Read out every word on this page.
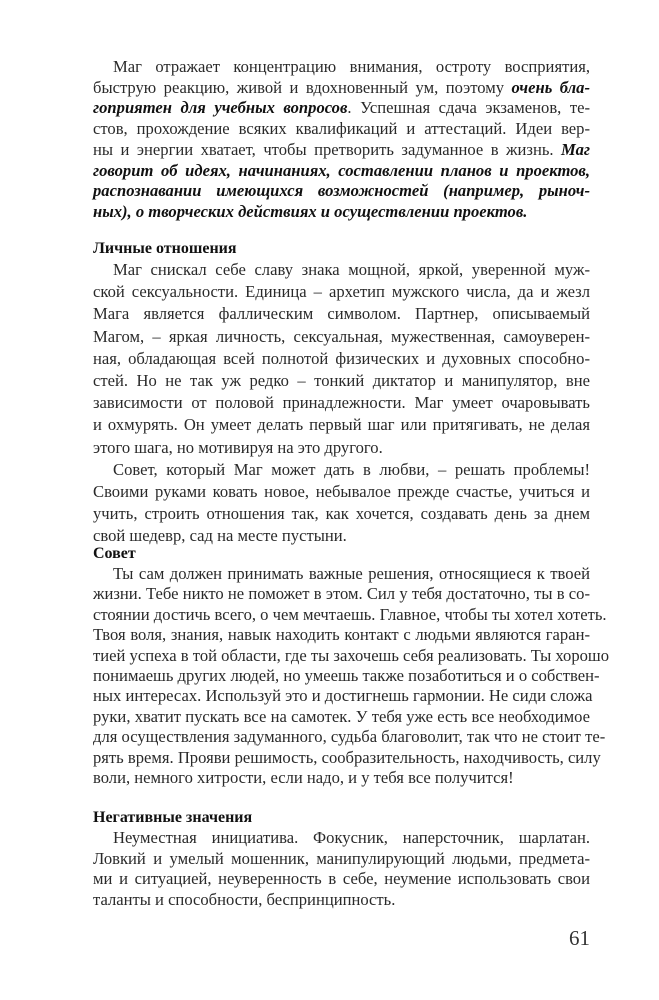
Маг отражает концентрацию внимания, остроту восприятия,
быструю реакцию, живой и вдохновенный ум, поэтому очень бла-
гоприятен для учебных вопросов. Успешная сдача экзаменов, те-
стов, прохождение всяких квалификаций и аттестаций. Идеи вер-
ны и энергии хватает, чтобы претворить задуманное в жизнь. Маг
говорит об идеях, начинаниях, составлении планов и проектов,
распознавании имеющихся возможностей (например, рыноч-
ных), о творческих действиях и осуществлении проектов.
Личные отношения
Маг снискал себе славу знака мощной, яркой, уверенной муж-
ской сексуальности. Единица – архетип мужского числа, да и жезл
Мага является фаллическим символом. Партнер, описываемый
Магом, – яркая личность, сексуальная, мужественная, самоуверен-
ная, обладающая всей полнотой физических и духовных способно-
стей. Но не так уж редко – тонкий диктатор и манипулятор, вне
зависимости от половой принадлежности. Маг умеет очаровывать
и охмурять. Он умеет делать первый шаг или притягивать, не делая
этого шага, но мотивируя на это другого.
Совет, который Маг может дать в любви, – решать проблемы!
Своими руками ковать новое, небывалое прежде счастье, учиться и
учить, строить отношения так, как хочется, создавать день за днем
свой шедевр, сад на месте пустыни.
Совет
Ты сам должен принимать важные решения, относящиеся к твоей
жизни. Тебе никто не поможет в этом. Сил у тебя достаточно, ты в со-
стоянии достичь всего, о чем мечтаешь. Главное, чтобы ты хотел хотеть.
Твоя воля, знания, навык находить контакт с людьми являются гаран-
тией успеха в той области, где ты захочешь себя реализовать. Ты хорошо
понимаешь других людей, но умеешь также позаботиться и о собствен-
ных интересах. Используй это и достигнешь гармонии. Не сиди сложа
руки, хватит пускать все на самотек. У тебя уже есть все необходимое
для осуществления задуманного, судьба благоволит, так что не стоит те-
рять время. Прояви решимость, сообразительность, находчивость, силу
воли, немного хитрости, если надо, и у тебя все получится!
Негативные значения
Неуместная инициатива. Фокусник, наперсточник, шарлатан.
Ловкий и умелый мошенник, манипулирующий людьми, предмета-
ми и ситуацией, неуверенность в себе, неумение использовать свои
таланты и способности, беспринципность.
61
